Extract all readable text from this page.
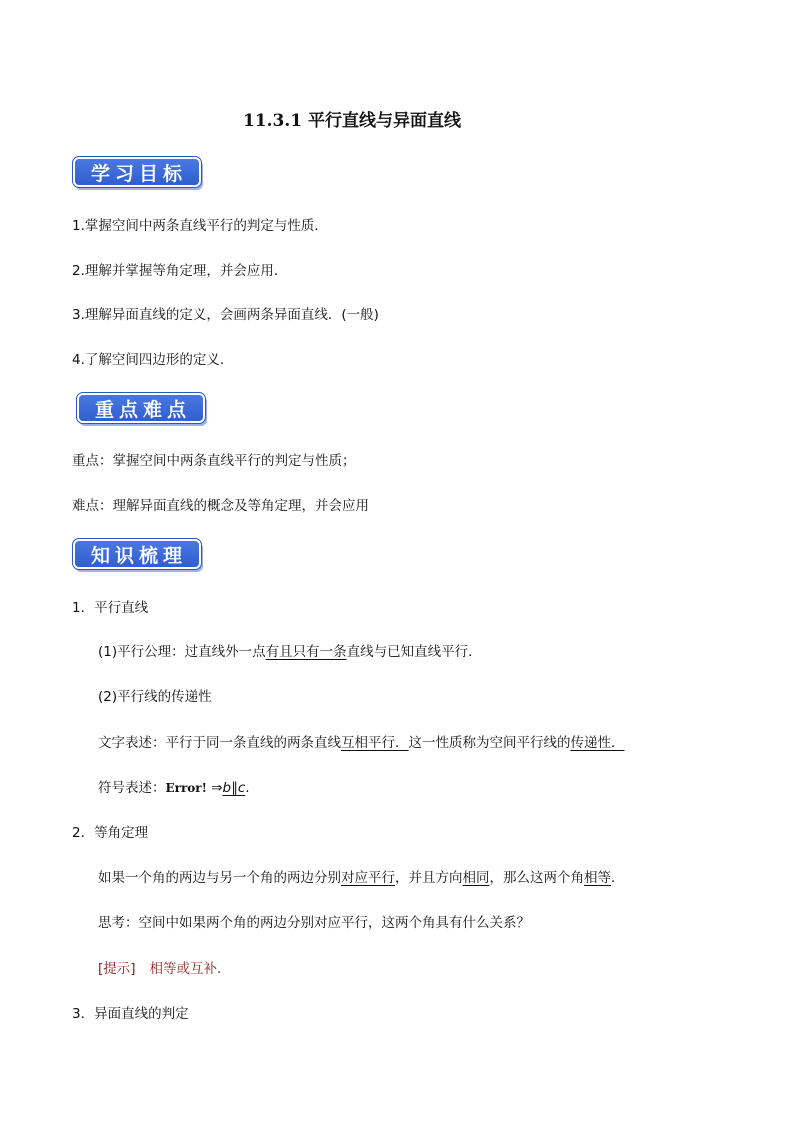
11.3.1 平行直线与异面直线
学习目标
1.掌握空间中两条直线平行的判定与性质．
2.理解并掌握等角定理，并会应用．
3.理解异面直线的定义，会画两条异面直线．(一般)
4.了解空间四边形的定义．
重点难点
重点：掌握空间中两条直线平行的判定与性质；
难点：理解异面直线的概念及等角定理，并会应用
知识梳理
1．平行直线
(1)平行公理：过直线外一点有且只有一条直线与已知直线平行．
(2)平行线的传递性
文字表述：平行于同一条直线的两条直线互相平行．这一性质称为空间平行线的传递性．
符号表述：Error! ⇒b∥c.
2．等角定理
如果一个角的两边与另一个角的两边分别对应平行，并且方向相同，那么这两个角相等．
思考：空间中如果两个角的两边分别对应平行，这两个角具有什么关系？
[提示] 相等或互补．
3．异面直线的判定
